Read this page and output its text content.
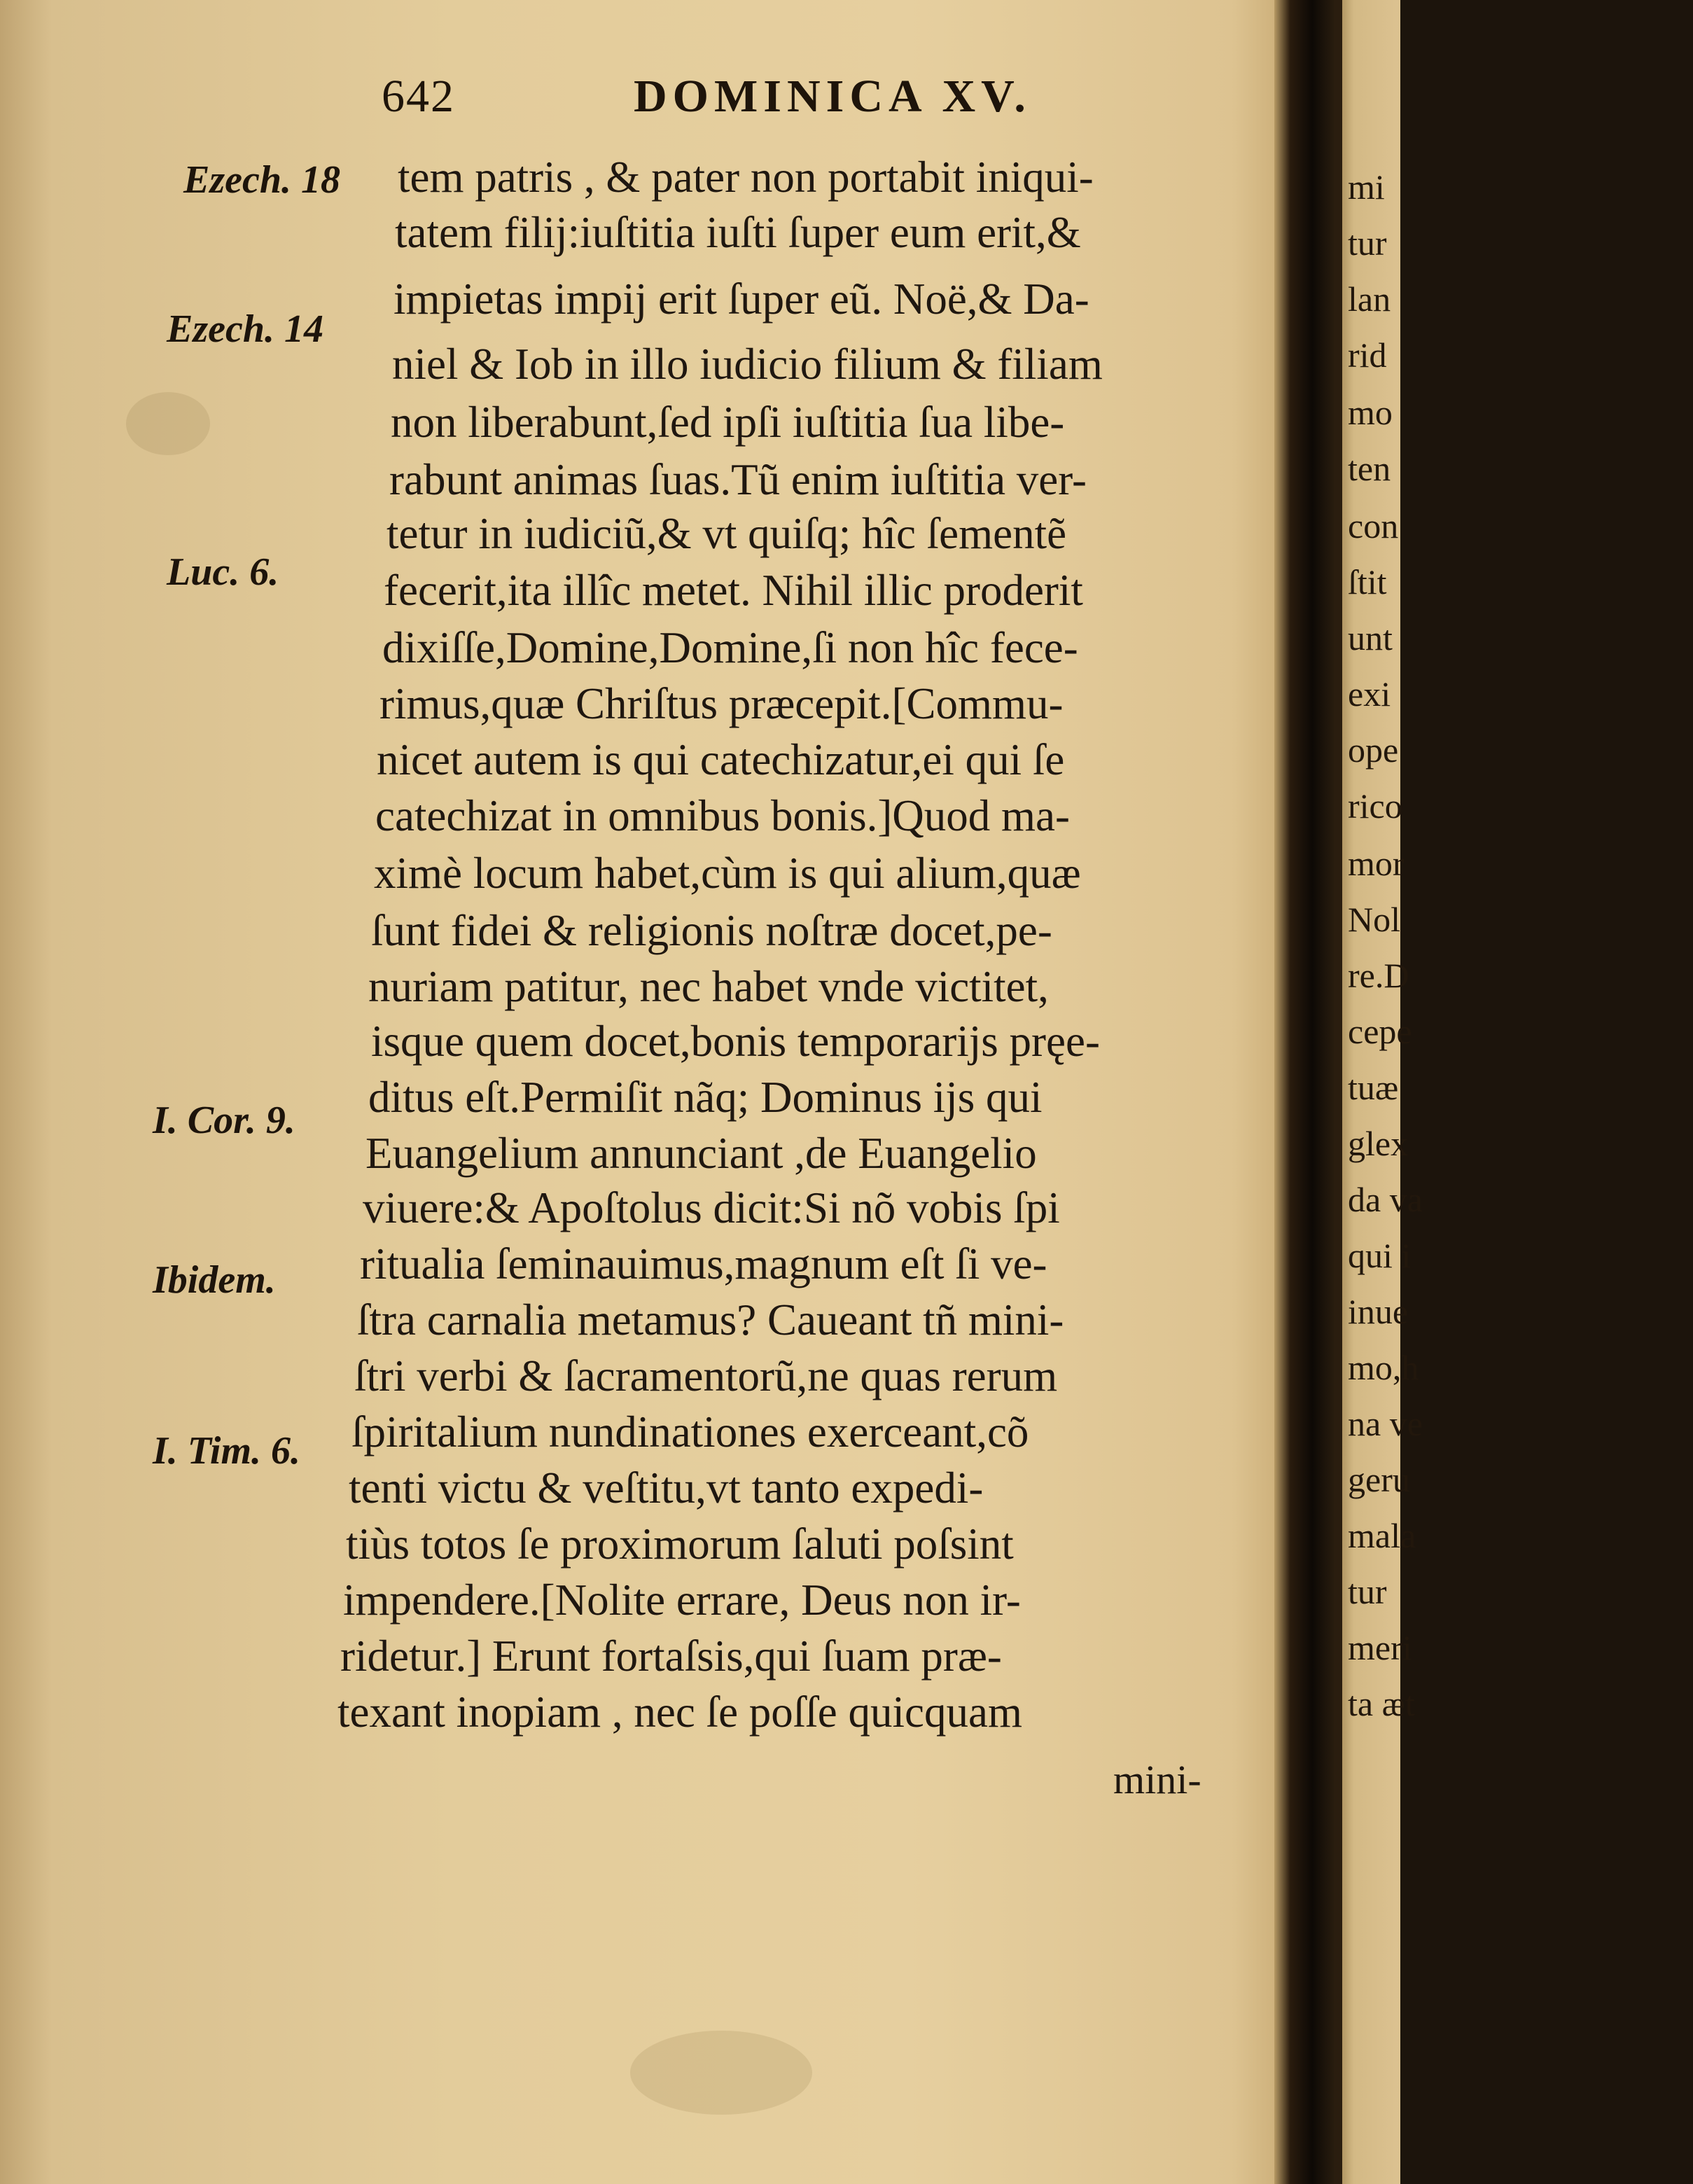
642	DOMINICA XV.
Ezech. 18
Ezech. 14
Luc. 6.
I. Cor. 9.
Ibidem.
I. Tim. 6.
tem patris , & pater non portabit iniqui-
tatem filij:iuſtitia iuſti ſuper eum erit,&
impietas impij erit ſuper eũ. Noë,& Da-
niel & Iob in illo iudicio filium & filiam
non liberabunt,ſed ipſi iuſtitia ſua libe-
rabunt animas ſuas.Tũ enim iuſtitia ver-
tetur in iudiciũ,& vt quiſq; hîc ſementẽ
fecerit,ita illîc metet. Nihil illic proderit
dixiſſe,Domine,Domine,ſi non hîc fece-
rimus,quæ Chriſtus præcepit.[Commu-
nicet autem is qui catechizatur,ei qui ſe
catechizat in omnibus bonis.]Quod ma-
ximè locum habet,cùm is qui alium,quæ
ſunt fidei & religionis noſtræ docet,pe-
nuriam patitur, nec habet vnde victitet,
isque quem docet,bonis temporarijs pręe-
ditus eſt.Permiſit nãq; Dominus ijs qui
Euangelium annunciant ,de Euangelio
viuere:& Apoſtolus dicit:Si nõ vobis ſpi
ritualia ſeminauimus,magnum eſt ſi ve-
ſtra carnalia metamus? Caueant tñ mini-
ſtri verbi & ſacramentorũ,ne quas rerum
ſpiritalium nundinationes exerceant,cõ
tenti victu & veſtitu,vt tanto expedi-
tiùs totos ſe proximorum ſaluti poſsint
impendere.[Nolite errare, Deus non ir-
ridetur.] Erunt fortaſsis,qui ſuam præ-
texant inopiam , nec ſe poſſe quicquam
mini-
mi
tur
lan
rid
mo
ten
con
ſtit
unt
exi
ope
rico
mor
Nol
re.D
cepe
tuæ
glex
da va
qui i
inue
mo,h
na ve
geru
mala
tur
meri
ta æt
